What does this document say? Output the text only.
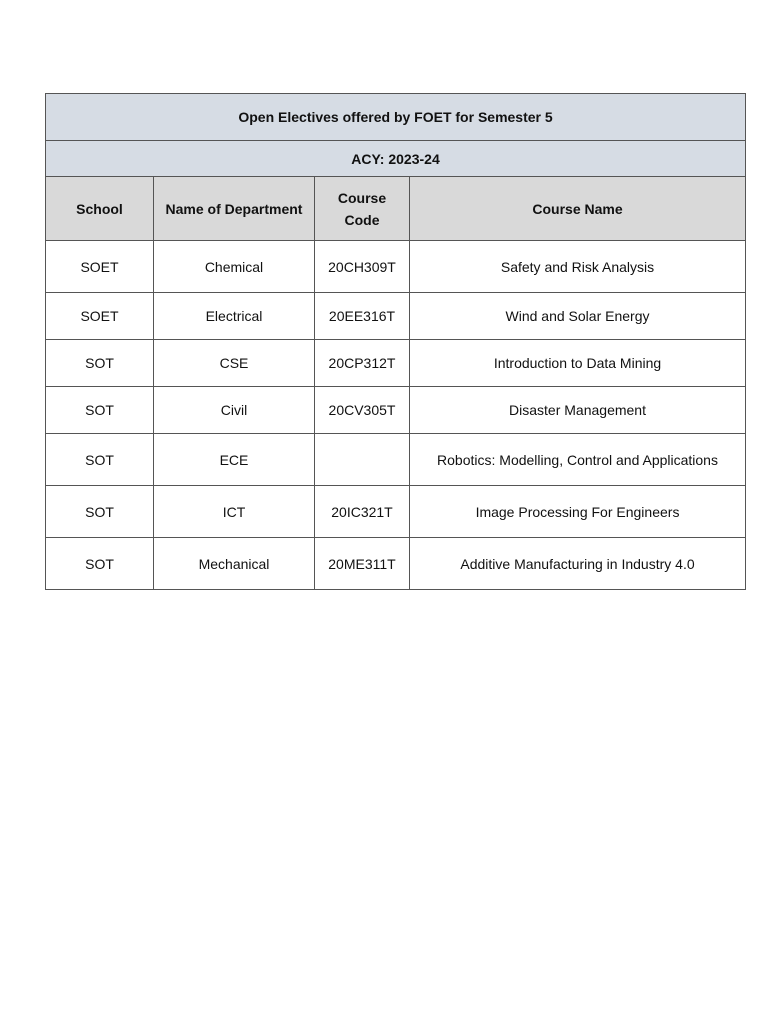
Open Electives offered by FOET for Semester 5			
ACY: 2023-24			
School	Name of Department	Course Code	Course Name
SOET	Chemical	20CH309T	Safety and Risk Analysis
SOET	Electrical	20EE316T	Wind and Solar Energy
SOT	CSE	20CP312T	Introduction to Data Mining
SOT	Civil	20CV305T	Disaster Management
SOT	ECE		Robotics: Modelling, Control and Applications
SOT	ICT	20IC321T	Image Processing For Engineers
SOT	Mechanical	20ME311T	Additive Manufacturing in Industry 4.0
